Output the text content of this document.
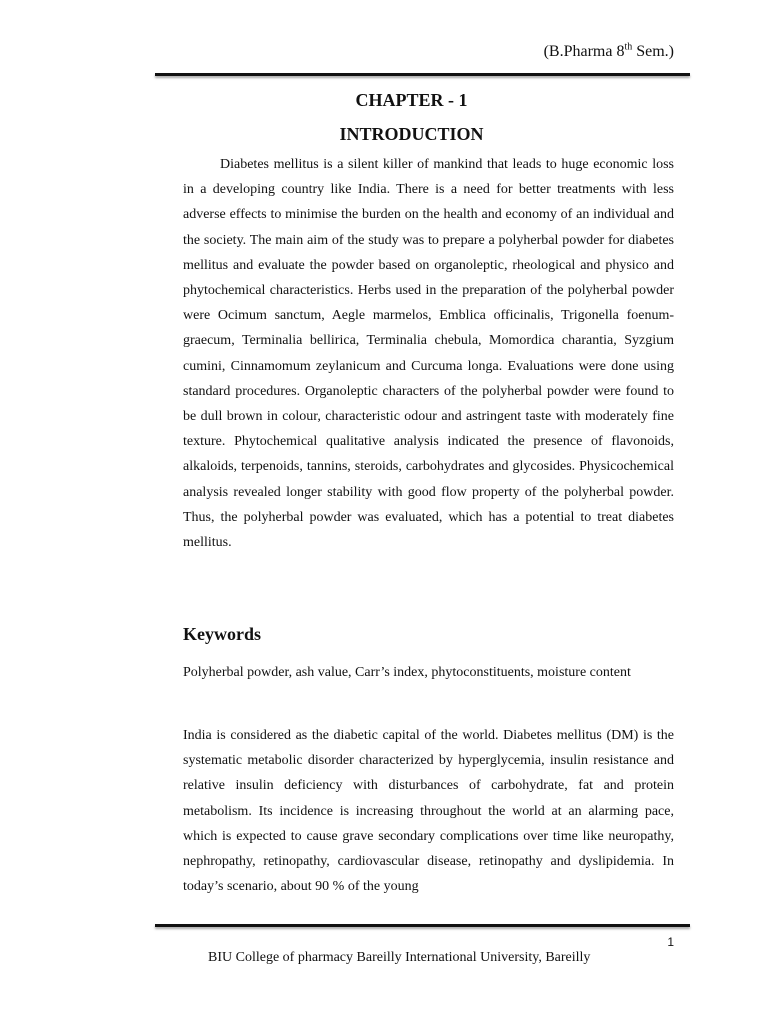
(B.Pharma 8th Sem.)
CHAPTER - 1
INTRODUCTION

Diabetes mellitus is a silent killer of mankind that leads to huge economic loss in a developing country like India. There is a need for better treatments with less adverse effects to minimise the burden on the health and economy of an individual and the society. The main aim of the study was to prepare a polyherbal powder for diabetes mellitus and evaluate the powder based on organoleptic, rheological and physico and phytochemical characteristics. Herbs used in the preparation of the polyherbal powder were Ocimum sanctum, Aegle marmelos, Emblica officinalis, Trigonella foenum-graecum, Terminalia bellirica, Terminalia chebula, Momordica charantia, Syzgium cumini, Cinnamomum zeylanicum and Curcuma longa. Evaluations were done using standard procedures. Organoleptic characters of the polyherbal powder were found to be dull brown in colour, characteristic odour and astringent taste with moderately fine texture. Phytochemical qualitative analysis indicated the presence of flavonoids, alkaloids, terpenoids, tannins, steroids, carbohydrates and glycosides. Physicochemical analysis revealed longer stability with good flow property of the polyherbal powder. Thus, the polyherbal powder was evaluated, which has a potential to treat diabetes mellitus.

Keywords

Polyherbal powder, ash value, Carr’s index, phytoconstituents, moisture content

India is considered as the diabetic capital of the world. Diabetes mellitus (DM) is the systematic metabolic disorder characterized by hyperglycemia, insulin resistance and relative insulin deficiency with disturbances of carbohydrate, fat and protein metabolism. Its incidence is increasing throughout the world at an alarming pace, which is expected to cause grave secondary complications over time like neuropathy, nephropathy, retinopathy, cardiovascular disease, retinopathy and dyslipidemia. In today’s scenario, about 90 % of the young

1
BIU College of pharmacy Bareilly International University, Bareilly
